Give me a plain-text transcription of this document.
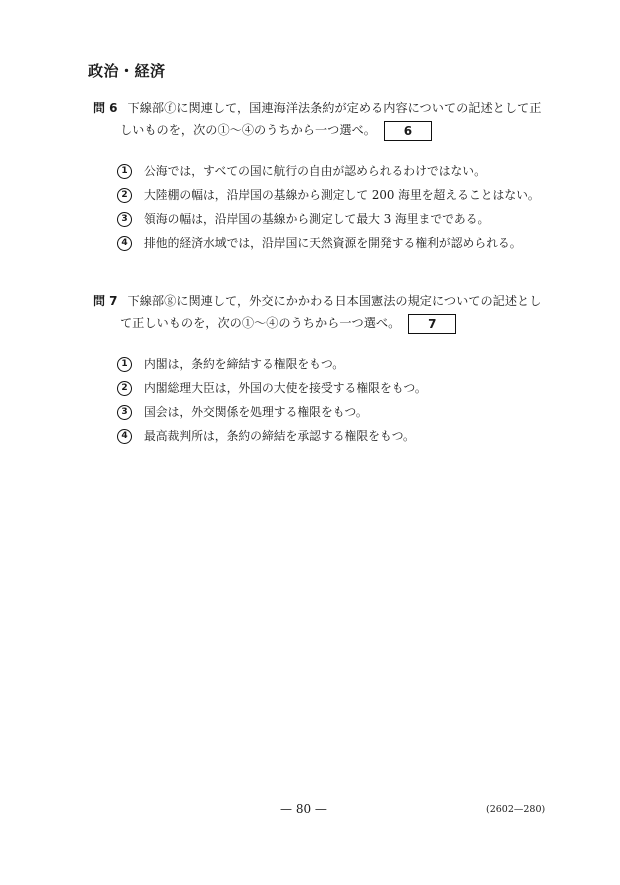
政治・経済
問 6 下線部ⓕに関連して，国連海洋法条約が定める内容についての記述として正
しいものを，次の①〜④のうちから一つ選べ。 6
1	公海では，すべての国に航行の自由が認められるわけではない。
2	大陸棚の幅は，沿岸国の基線から測定して 200 海里を超えることはない。
3	領海の幅は，沿岸国の基線から測定して最大 3 海里までである。
4	排他的経済水域では，沿岸国に天然資源を開発する権利が認められる。
問 7 下線部ⓖに関連して，外交にかかわる日本国憲法の規定についての記述とし
て正しいものを，次の①〜④のうちから一つ選べ。 7
1	内閣は，条約を締結する権限をもつ。
2	内閣総理大臣は，外国の大使を接受する権限をもつ。
3	国会は，外交関係を処理する権限をもつ。
4	最高裁判所は，条約の締結を承認する権限をもつ。
— 80 —	(2602—280)
